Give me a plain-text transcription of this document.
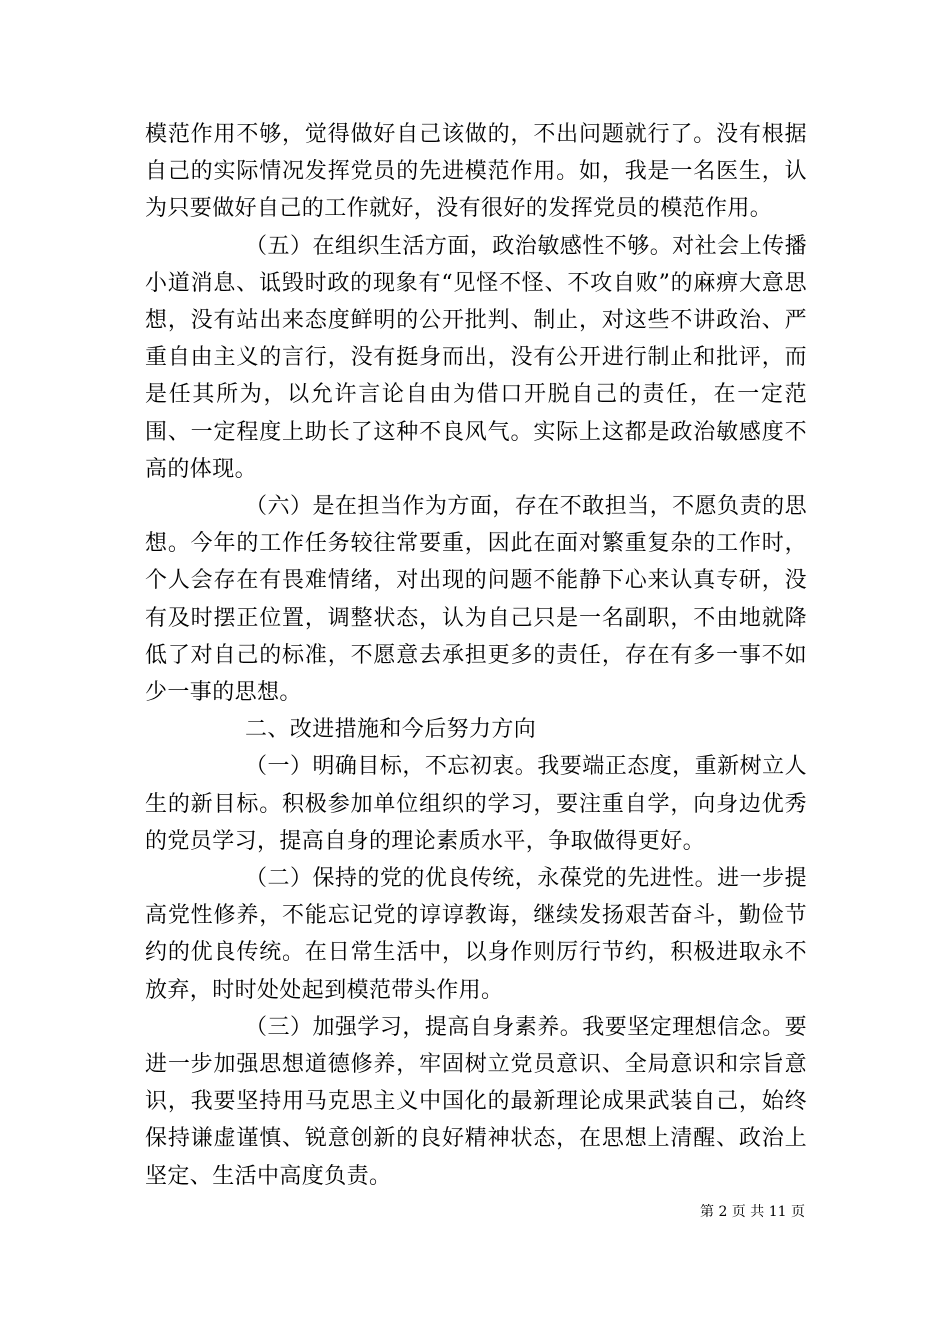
模范作用不够，觉得做好自己该做的，不出问题就行了。没有根据自己的实际情况发挥党员的先进模范作用。如，我是一名医生，认为只要做好自己的工作就好，没有很好的发挥党员的模范作用。

（五）在组织生活方面，政治敏感性不够。对社会上传播小道消息、诋毁时政的现象有“见怪不怪、不攻自败”的麻痹大意思想，没有站出来态度鲜明的公开批判、制止，对这些不讲政治、严重自由主义的言行，没有挺身而出，没有公开进行制止和批评，而是任其所为，以允许言论自由为借口开脱自己的责任，在一定范围、一定程度上助长了这种不良风气。实际上这都是政治敏感度不高的体现。

（六）是在担当作为方面，存在不敢担当，不愿负责的思想。今年的工作任务较往常要重，因此在面对繁重复杂的工作时，个人会存在有畏难情绪，对出现的问题不能静下心来认真专研，没有及时摆正位置，调整状态，认为自己只是一名副职，不由地就降低了对自己的标准，不愿意去承担更多的责任，存在有多一事不如少一事的思想。

二、改进措施和今后努力方向

（一）明确目标，不忘初衷。我要端正态度，重新树立人生的新目标。积极参加单位组织的学习，要注重自学，向身边优秀的党员学习，提高自身的理论素质水平，争取做得更好。

（二）保持的党的优良传统，永葆党的先进性。进一步提高党性修养，不能忘记党的谆谆教诲，继续发扬艰苦奋斗，勤俭节约的优良传统。在日常生活中，以身作则厉行节约，积极进取永不放弃，时时处处起到模范带头作用。

（三）加强学习，提高自身素养。我要坚定理想信念。要进一步加强思想道德修养，牢固树立党员意识、全局意识和宗旨意识，我要坚持用马克思主义中国化的最新理论成果武装自己，始终保持谦虚谨慎、锐意创新的良好精神状态，在思想上清醒、政治上坚定、生活中高度负责。

第 2 页 共 11 页
